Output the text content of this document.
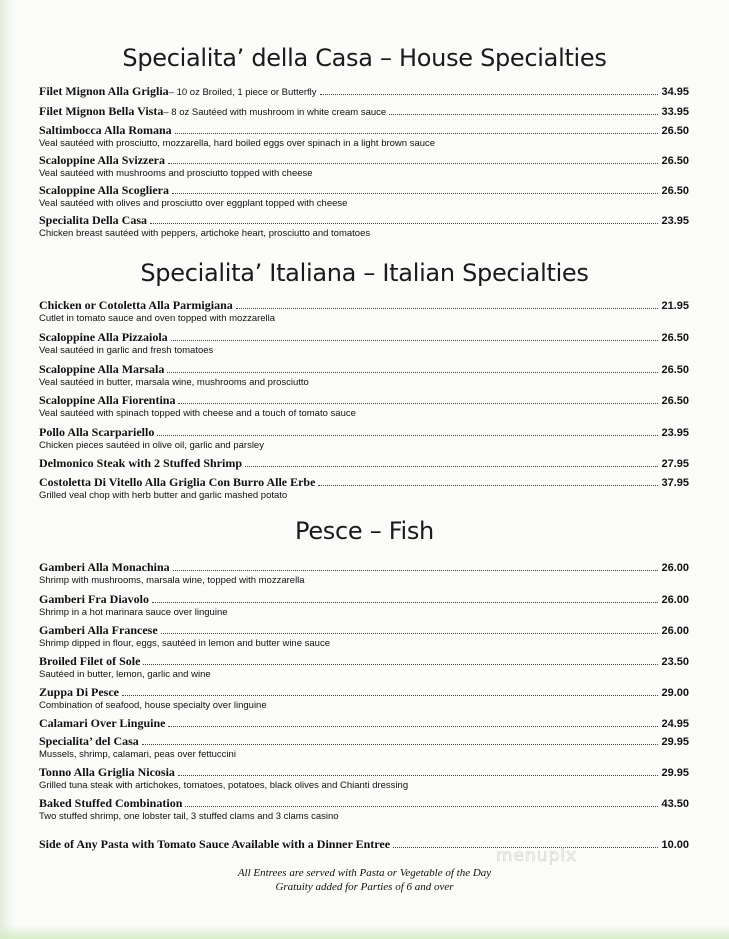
Specialita’ della Casa – House Specialties
Filet Mignon Alla Griglia – 10 oz Broiled, 1 piece or Butterfly	34.95
Filet Mignon Bella Vista – 8 oz Sautéed with mushroom in white cream sauce	33.95
Saltimbocca Alla Romana	26.50
Veal sautéed with prosciutto, mozzarella, hard boiled eggs over spinach in a light brown sauce
Scaloppine Alla Svizzera	26.50
Veal sautéed with mushrooms and prosciutto topped with cheese
Scaloppine Alla Scogliera	26.50
Veal sautéed with olives and prosciutto over eggplant topped with cheese
Specialita Della Casa	23.95
Chicken breast sautéed with peppers, artichoke heart, prosciutto and tomatoes
Specialita’ Italiana – Italian Specialties
Chicken or Cotoletta Alla Parmigiana	21.95
Cutlet in tomato sauce and oven topped with mozzarella
Scaloppine Alla Pizzaiola	26.50
Veal sautéed in garlic and fresh tomatoes
Scaloppine Alla Marsala	26.50
Veal sautéed in butter, marsala wine, mushrooms and prosciutto
Scaloppine Alla Fiorentina	26.50
Veal sautéed with spinach topped with cheese and a touch of tomato sauce
Pollo Alla Scarpariello	23.95
Chicken pieces sautéed in olive oil, garlic and parsley
Delmonico Steak with 2 Stuffed Shrimp	27.95
Costoletta Di Vitello Alla Griglia Con Burro Alle Erbe	37.95
Grilled veal chop with herb butter and garlic mashed potato
Pesce – Fish
Gamberi Alla Monachina	26.00
Shrimp with mushrooms, marsala wine, topped with mozzarella
Gamberi Fra Diavolo	26.00
Shrimp in a hot marinara sauce over linguine
Gamberi Alla Francese	26.00
Shrimp dipped in flour, eggs, sautéed in lemon and butter wine sauce
Broiled Filet of Sole	23.50
Sautéed in butter, lemon, garlic and wine
Zuppa Di Pesce	29.00
Combination of seafood, house specialty over linguine
Calamari Over Linguine	24.95
Specialita’ del Casa	29.95
Mussels, shrimp, calamari, peas over fettuccini
Tonno Alla Griglia Nicosia	29.95
Grilled tuna steak with artichokes, tomatoes, potatoes, black olives and Chianti dressing
Baked Stuffed Combination	43.50
Two stuffed shrimp, one lobster tail, 3 stuffed clams and 3 clams casino
Side of Any Pasta with Tomato Sauce Available with a Dinner Entree	10.00
menupix
All Entrees are served with Pasta or Vegetable of the Day
Gratuity added for Parties of 6 and over
